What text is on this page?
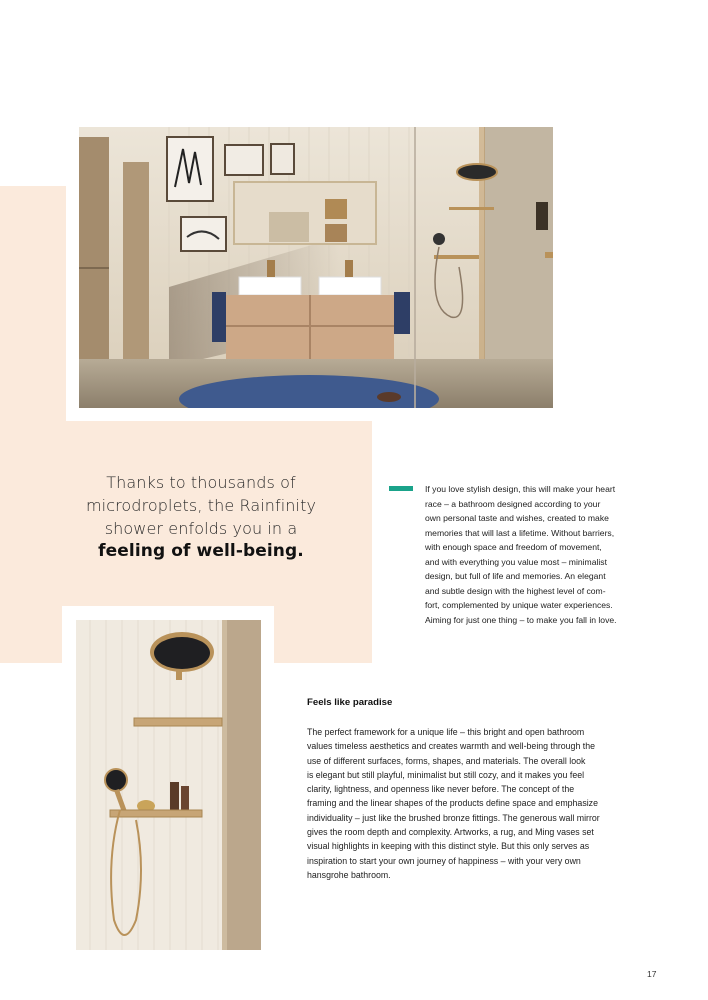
Thanks to thousands of
microdroplets, the Rainfinity
shower enfolds you in a
feeling of well-being.
If you love stylish design, this will make your heart
race – a bathroom designed according to your
own personal taste and wishes, created to make
memories that will last a lifetime. Without barriers,
with enough space and freedom of movement,
and with everything you value most – minimalist
design, but full of life and memories. An elegant
and subtle design with the highest level of com-
fort, complemented by unique water experiences.
Aiming for just one thing – to make you fall in love.
Feels like paradise
The perfect framework for a unique life – this bright and open bathroom
values timeless aesthetics and creates warmth and well-being through the
use of different surfaces, forms, shapes, and materials. The overall look
is elegant but still playful, minimalist but still cozy, and it makes you feel
clarity, lightness, and openness like never before. The concept of the
framing and the linear shapes of the products define space and emphasize
individuality – just like the brushed bronze fittings. The generous wall mirror
gives the room depth and complexity. Artworks, a rug, and Ming vases set
visual highlights in keeping with this distinct style. But this only serves as
inspiration to start your own journey of happiness – with your very own
hansgrohe bathroom.
17
